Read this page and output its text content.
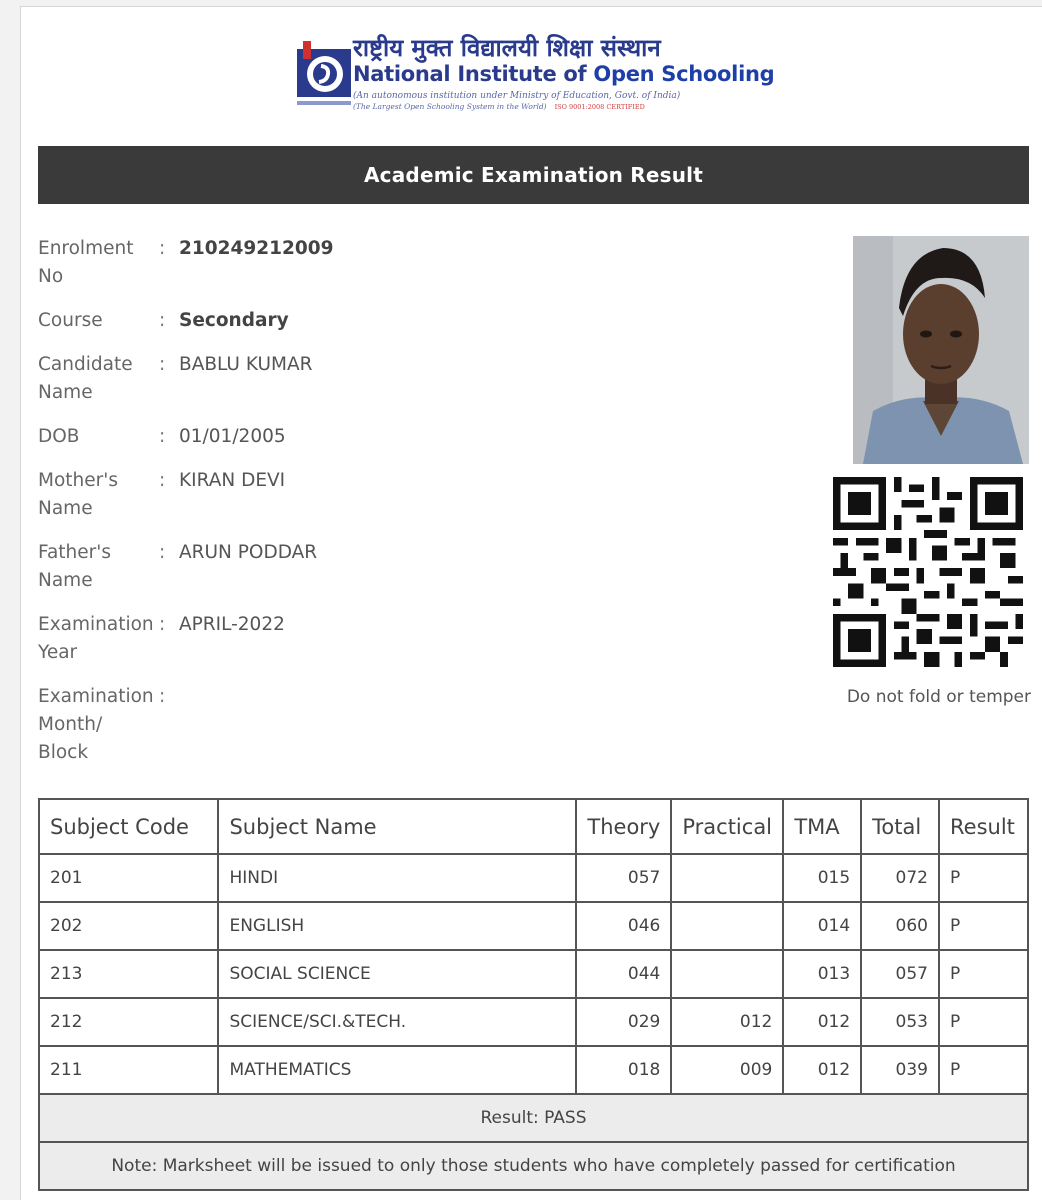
राष्ट्रीय मुक्त विद्यालयी शिक्षा संस्थान
National Institute of Open Schooling
(An autonomous institution under Ministry of Education, Govt. of India)
(The Largest Open Schooling System in the World) ISO 9001:2008 CERTIFIED
Academic Examination Result
Enrolment No
: 210249212009
Course	: Secondary
Candidate Name
: BABLU KUMAR
DOB	: 01/01/2005
Mother's Name
: KIRAN DEVI
Father's Name
: ARUN PODDAR
Examination Year
: APRIL-2022
Examination Month/ Block
:	Do not fold or temper
Subject Code	Subject Name	Theory	Practical	TMA	Total	Result
201	HINDI	057		015	072	P
202	ENGLISH	046		014	060	P
213	SOCIAL SCIENCE	044		013	057	P
212	SCIENCE/SCI.&TECH.	029	012	012	053	P
211	MATHEMATICS	018	009	012	039	P
Result: PASS						
Note: Marksheet will be issued to only those students who have completely passed for certification						
